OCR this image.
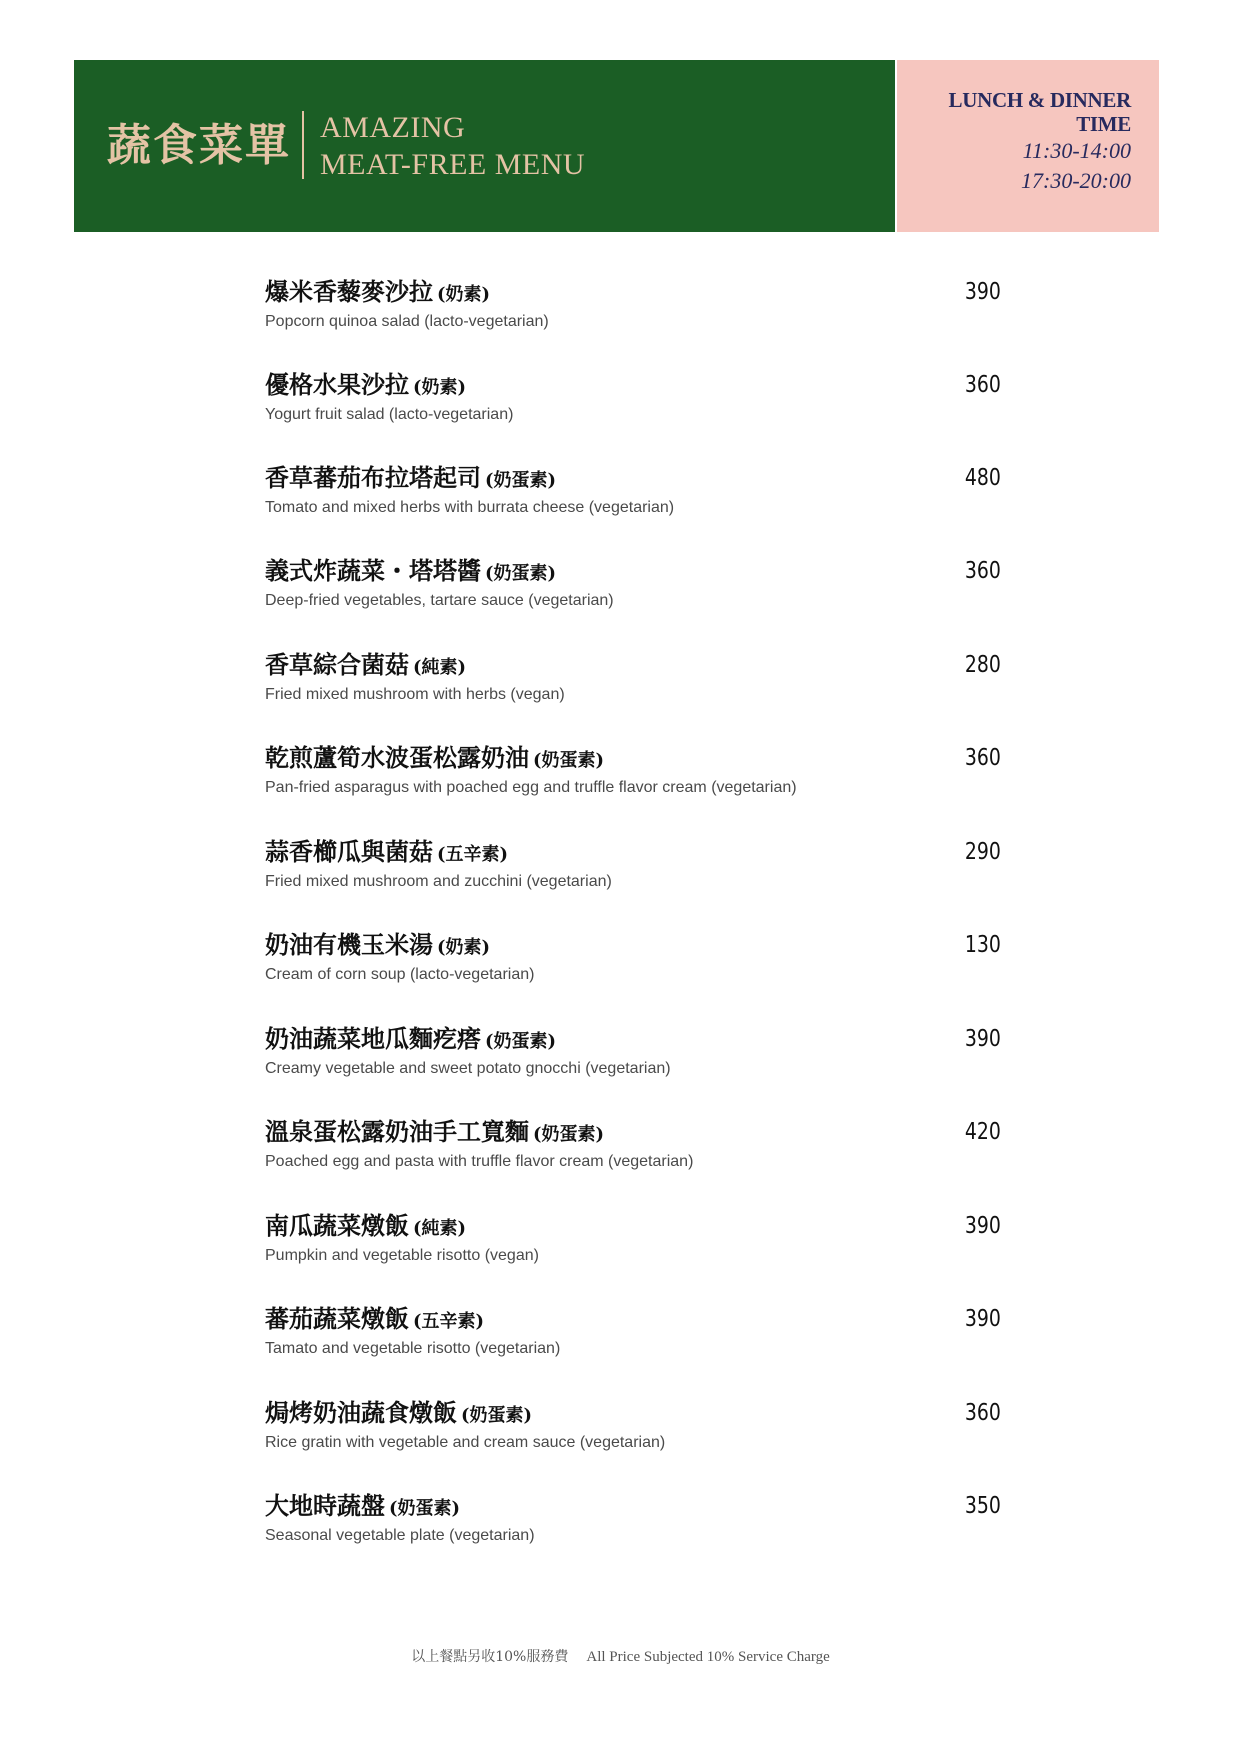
蔬食菜單 AMAZING
MEAT-FREE MENU
LUNCH & DINNER
TIME
11:30-14:00
17:30-20:00
爆米香藜麥沙拉 (奶素)
Popcorn quinoa salad (lacto-vegetarian)
390
優格水果沙拉 (奶素)
Yogurt fruit salad (lacto-vegetarian)
360
香草蕃茄布拉塔起司 (奶蛋素)
Tomato and mixed herbs with burrata cheese (vegetarian)
480
義式炸蔬菜・塔塔醬 (奶蛋素)
Deep-fried vegetables, tartare sauce (vegetarian)
360
香草綜合菌菇 (純素)
Fried mixed mushroom with herbs (vegan)
280
乾煎蘆筍水波蛋松露奶油 (奶蛋素)
Pan-fried asparagus with poached egg and truffle flavor cream (vegetarian)
360
蒜香櫛瓜與菌菇 (五辛素)
Fried mixed mushroom and zucchini (vegetarian)
290
奶油有機玉米湯 (奶素)
Cream of corn soup (lacto-vegetarian)
130
奶油蔬菜地瓜麵疙瘩 (奶蛋素)
Creamy vegetable and sweet potato gnocchi (vegetarian)
390
溫泉蛋松露奶油手工寬麵 (奶蛋素)
Poached egg and pasta with truffle flavor cream (vegetarian)
420
南瓜蔬菜燉飯 (純素)
Pumpkin and vegetable risotto (vegan)
390
蕃茄蔬菜燉飯 (五辛素)
Tamato and vegetable risotto (vegetarian)
390
焗烤奶油蔬食燉飯 (奶蛋素)
Rice gratin with vegetable and cream sauce (vegetarian)
360
大地時蔬盤 (奶蛋素)
Seasonal vegetable plate (vegetarian)
350
以上餐點另收10%服務費 All Price Subjected 10% Service Charge
